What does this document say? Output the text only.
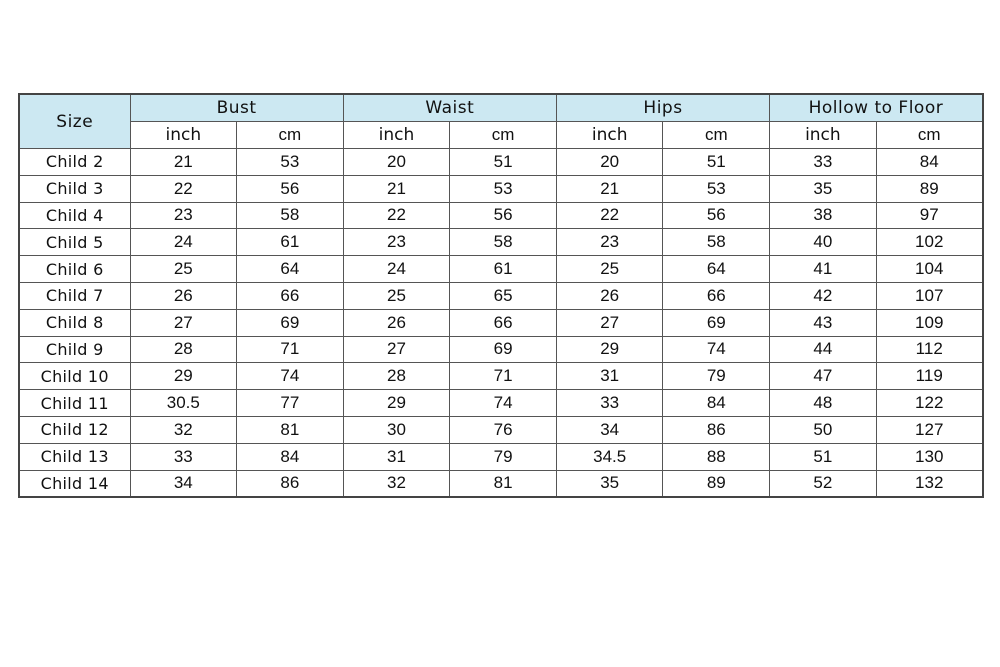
Size	Bust		Waist		Hips		Hollow to Floor	
	inch	cm	inch	cm	inch	cm	inch	cm
Child 2	21	53	20	51	20	51	33	84
Child 3	22	56	21	53	21	53	35	89
Child 4	23	58	22	56	22	56	38	97
Child 5	24	61	23	58	23	58	40	102
Child 6	25	64	24	61	25	64	41	104
Child 7	26	66	25	65	26	66	42	107
Child 8	27	69	26	66	27	69	43	109
Child 9	28	71	27	69	29	74	44	112
Child 10	29	74	28	71	31	79	47	119
Child 11	30.5	77	29	74	33	84	48	122
Child 12	32	81	30	76	34	86	50	127
Child 13	33	84	31	79	34.5	88	51	130
Child 14	34	86	32	81	35	89	52	132
